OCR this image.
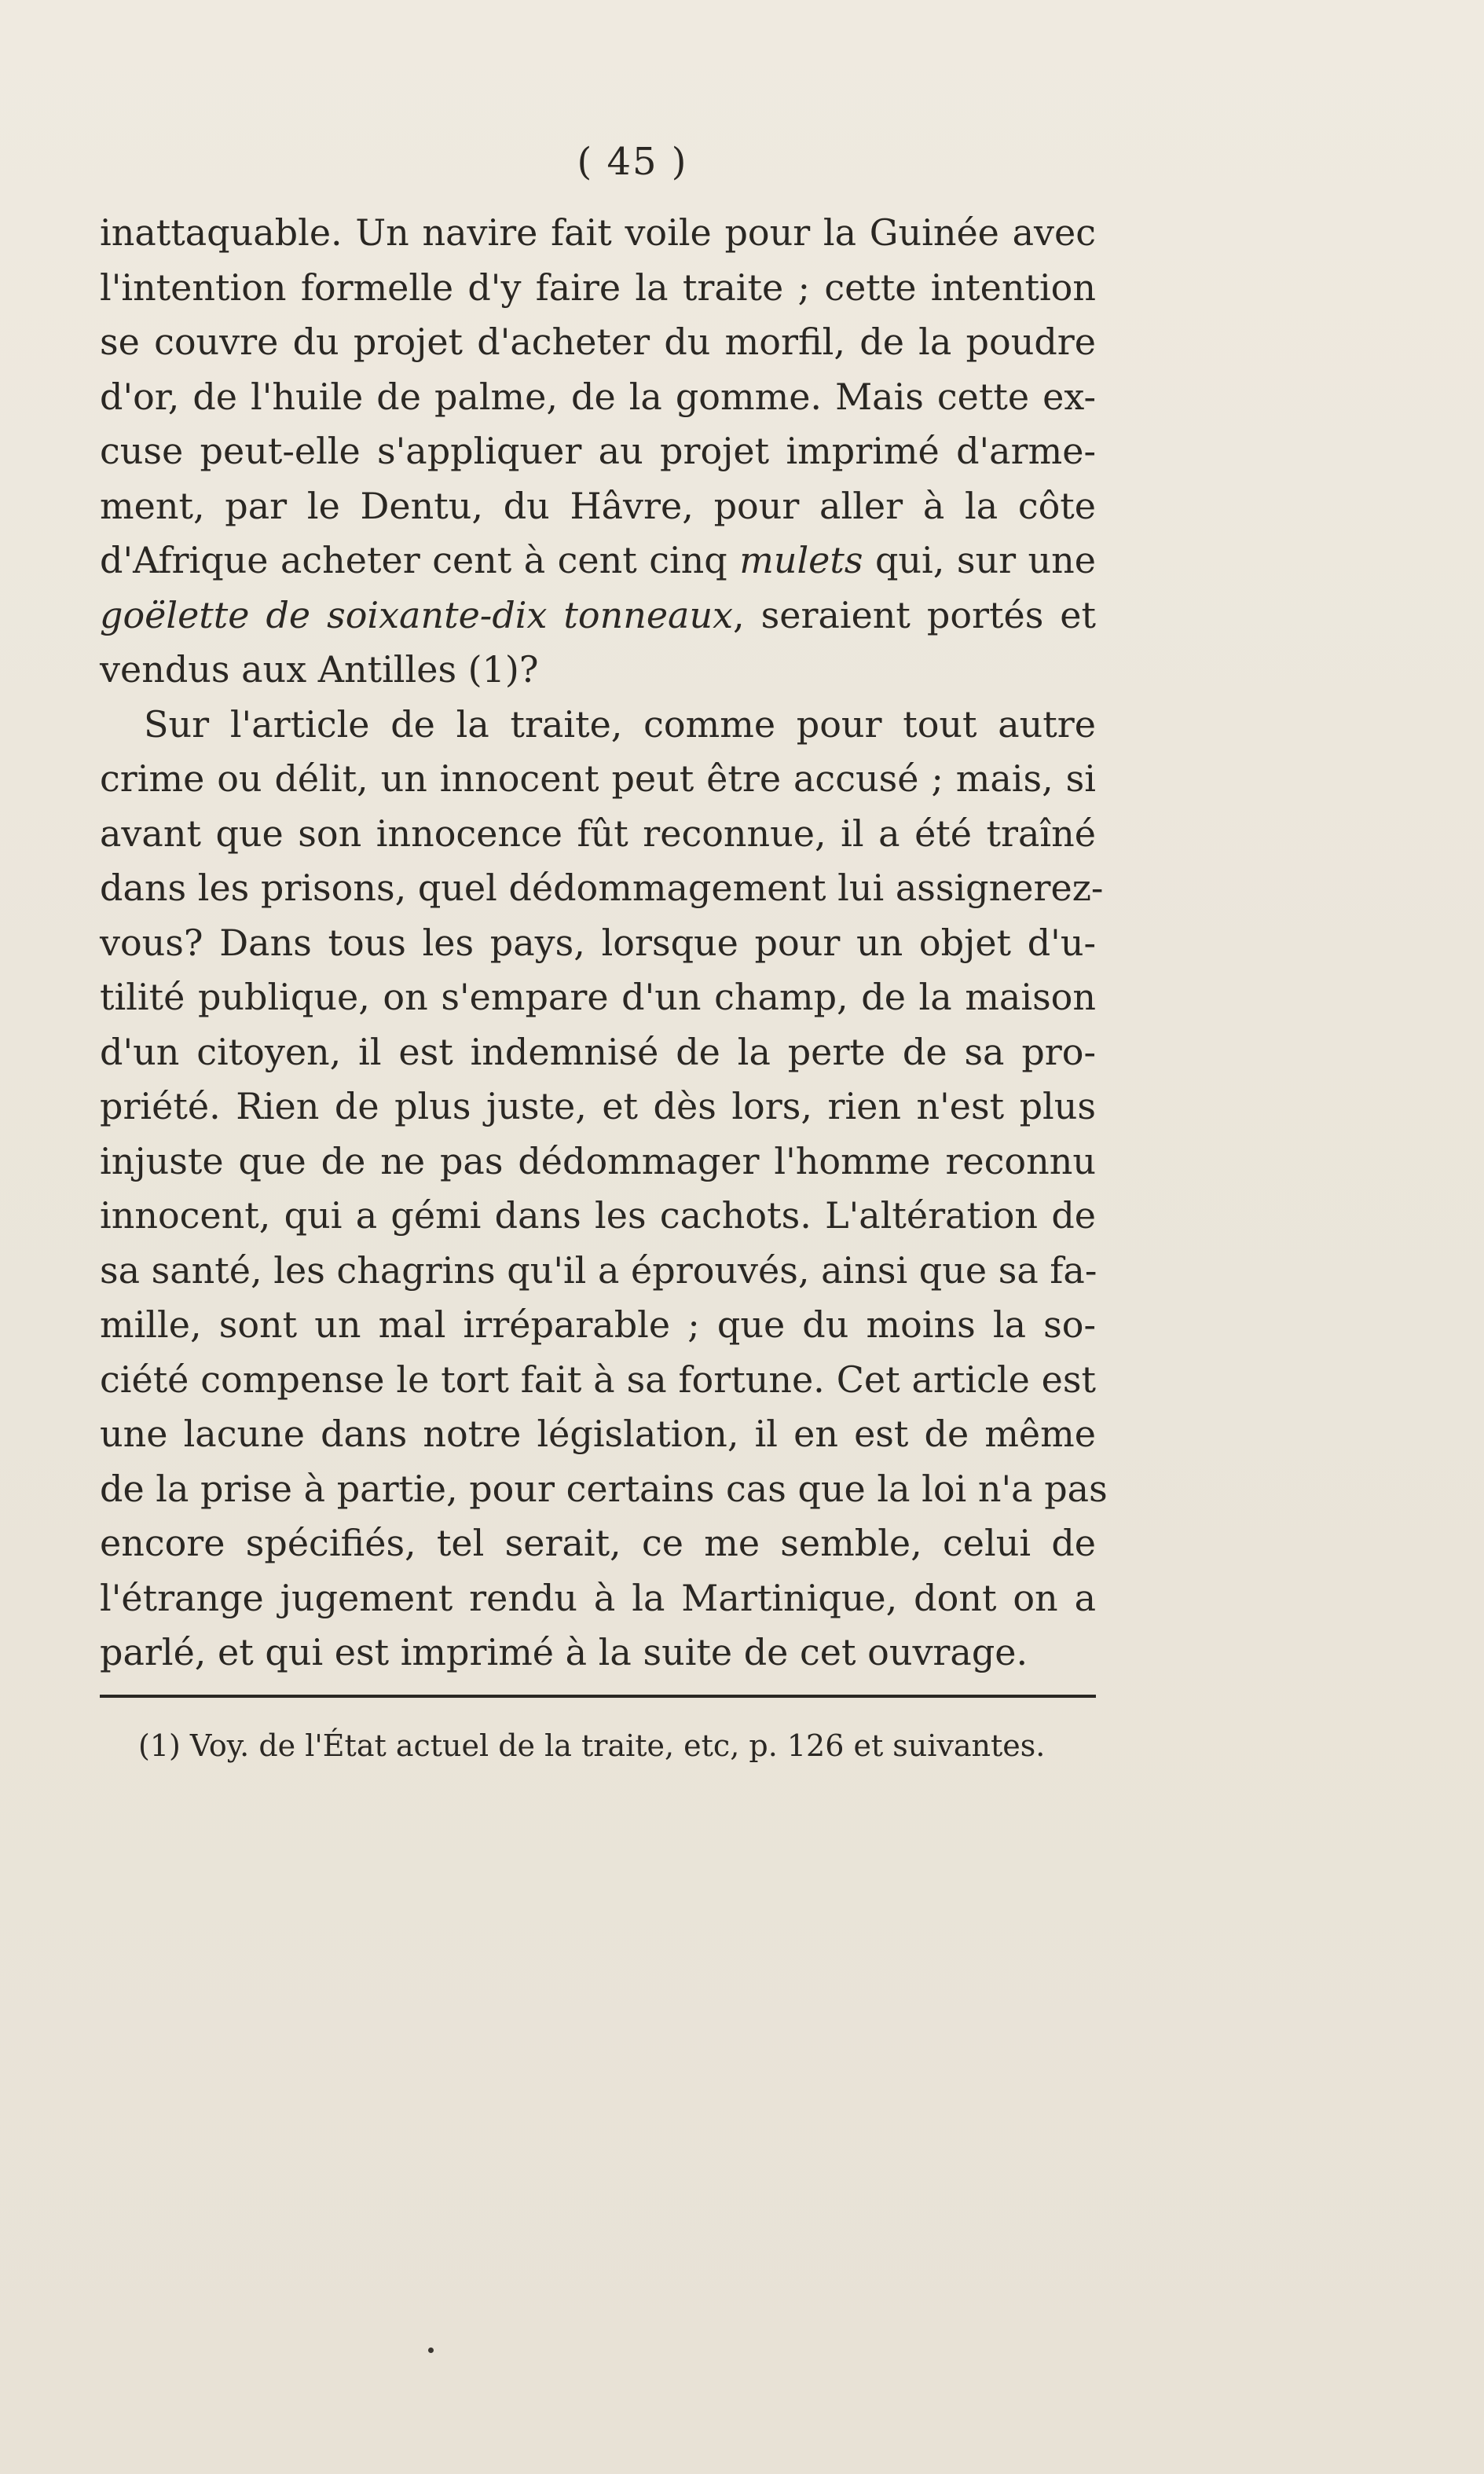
( 45 )
inattaquable. Un navire fait voile pour la Guinée avec
l'intention formelle d'y faire la traite ; cette intention
se couvre du projet d'acheter du morfil, de la poudre
d'or, de l'huile de palme, de la gomme. Mais cette ex-
cuse peut-elle s'appliquer au projet imprimé d'arme-
ment, par le Dentu, du Hâvre, pour aller à la côte
d'Afrique acheter cent à cent cinq mulets qui, sur une
goëlette de soixante-dix tonneaux, seraient portés et
vendus aux Antilles (1)?
Sur l'article de la traite, comme pour tout autre
crime ou délit, un innocent peut être accusé ; mais, si
avant que son innocence fût reconnue, il a été traîné
dans les prisons, quel dédommagement lui assignerez-
vous? Dans tous les pays, lorsque pour un objet d'u-
tilité publique, on s'empare d'un champ, de la maison
d'un citoyen, il est indemnisé de la perte de sa pro-
priété. Rien de plus juste, et dès lors, rien n'est plus
injuste que de ne pas dédommager l'homme reconnu
innocent, qui a gémi dans les cachots. L'altération de
sa santé, les chagrins qu'il a éprouvés, ainsi que sa fa-
mille, sont un mal irréparable ; que du moins la so-
ciété compense le tort fait à sa fortune. Cet article est
une lacune dans notre législation, il en est de même
de la prise à partie, pour certains cas que la loi n'a pas
encore spécifiés, tel serait, ce me semble, celui de
l'étrange jugement rendu à la Martinique, dont on a
parlé, et qui est imprimé à la suite de cet ouvrage.
(1) Voy. de l'État actuel de la traite, etc, p. 126 et suivantes.
